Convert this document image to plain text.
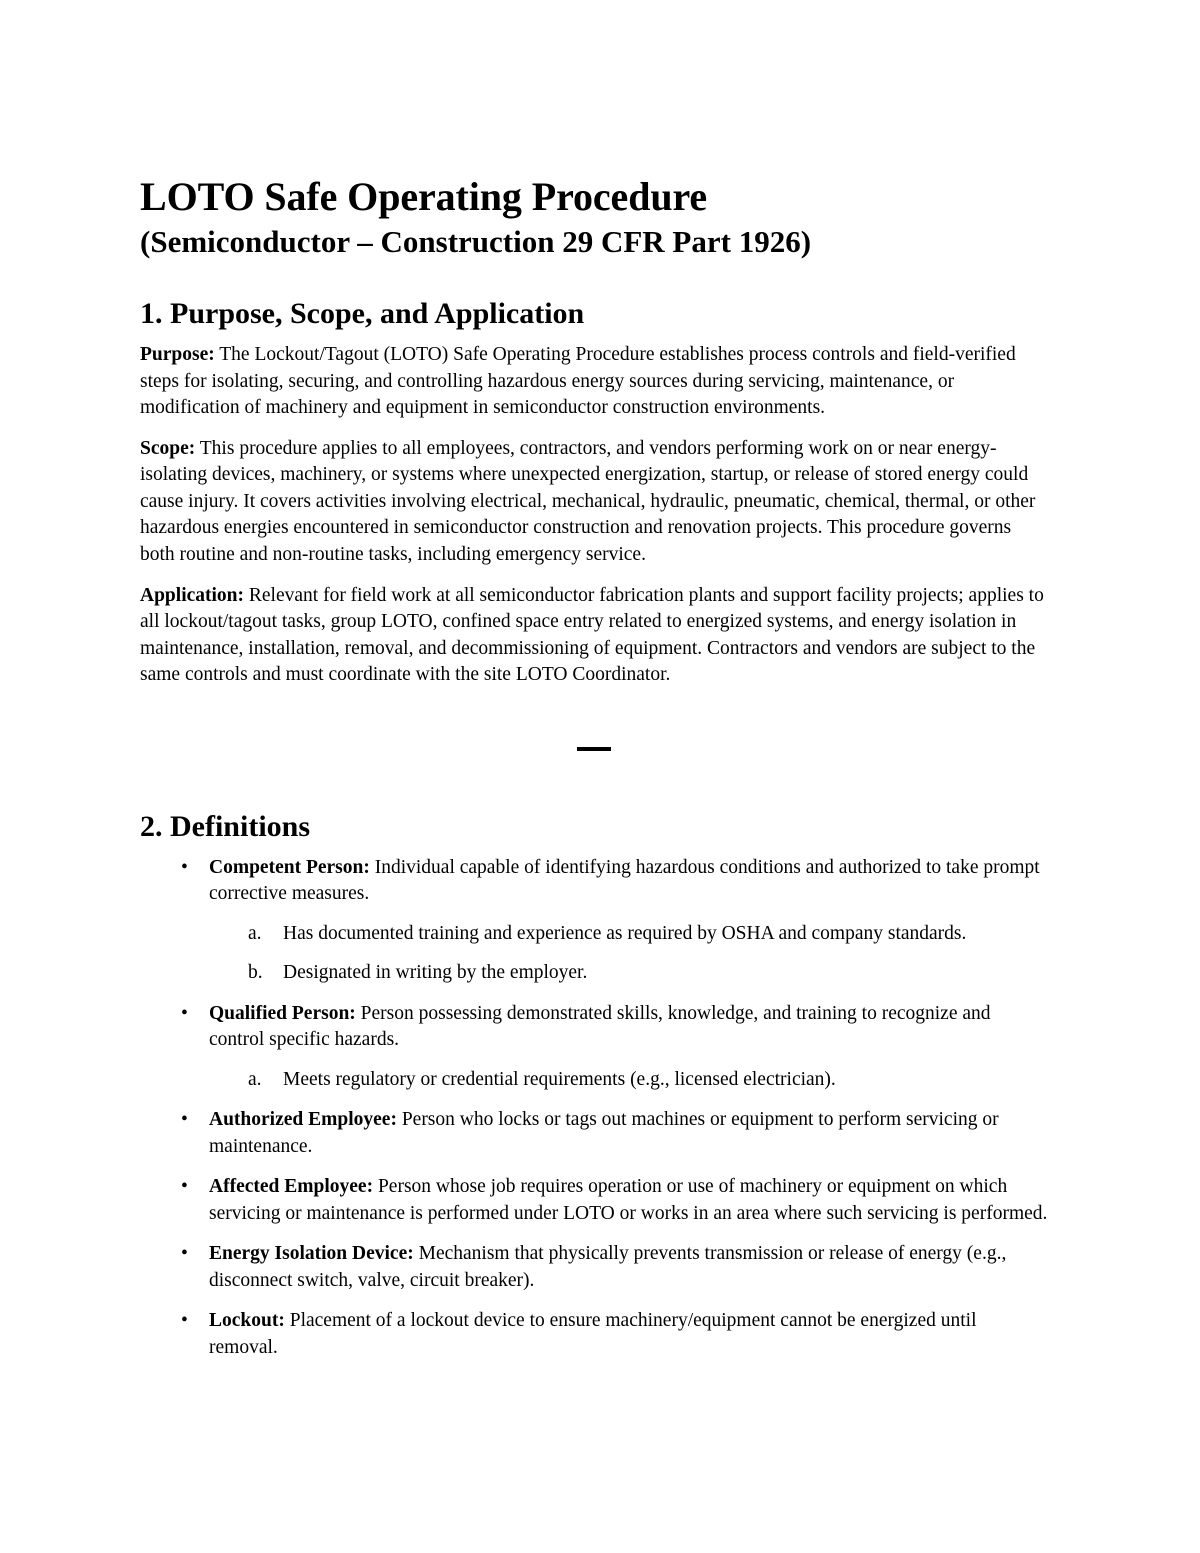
LOTO Safe Operating Procedure
(Semiconductor – Construction 29 CFR Part 1926)
1. Purpose, Scope, and Application

Purpose: The Lockout/Tagout (LOTO) Safe Operating Procedure establishes process controls and field-verified steps for isolating, securing, and controlling hazardous energy sources during servicing, maintenance, or modification of machinery and equipment in semiconductor construction environments.

Scope: This procedure applies to all employees, contractors, and vendors performing work on or near energy-isolating devices, machinery, or systems where unexpected energization, startup, or release of stored energy could cause injury. It covers activities involving electrical, mechanical, hydraulic, pneumatic, chemical, thermal, or other hazardous energies encountered in semiconductor construction and renovation projects. This procedure governs both routine and non-routine tasks, including emergency service.

Application: Relevant for field work at all semiconductor fabrication plants and support facility projects; applies to all lockout/tagout tasks, group LOTO, confined space entry related to energized systems, and energy isolation in maintenance, installation, removal, and decommissioning of equipment. Contractors and vendors are subject to the same controls and must coordinate with the site LOTO Coordinator.

2. Definitions
• Competent Person: Individual capable of identifying hazardous conditions and authorized to take prompt corrective measures.
a. Has documented training and experience as required by OSHA and company standards.
b. Designated in writing by the employer.
• Qualified Person: Person possessing demonstrated skills, knowledge, and training to recognize and control specific hazards.
a. Meets regulatory or credential requirements (e.g., licensed electrician).
• Authorized Employee: Person who locks or tags out machines or equipment to perform servicing or maintenance.
• Affected Employee: Person whose job requires operation or use of machinery or equipment on which servicing or maintenance is performed under LOTO or works in an area where such servicing is performed.
• Energy Isolation Device: Mechanism that physically prevents transmission or release of energy (e.g., disconnect switch, valve, circuit breaker).
• Lockout: Placement of a lockout device to ensure machinery/equipment cannot be energized until removal.
